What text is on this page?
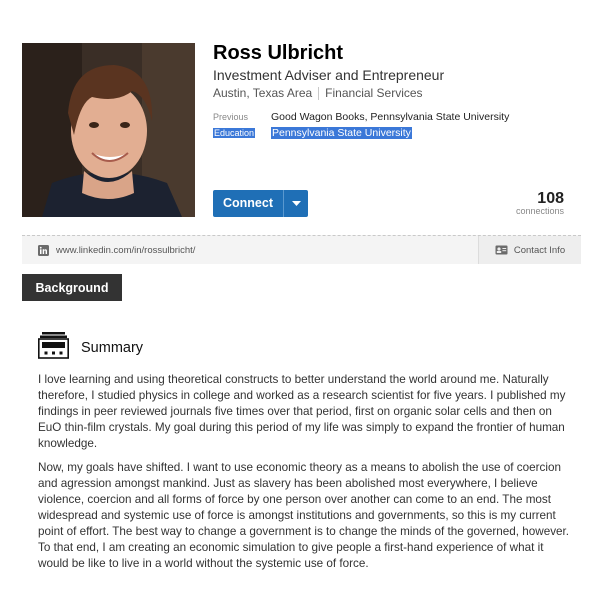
Ross Ulbricht
Investment Adviser and Entrepreneur
Austin, Texas Area Financial Services
Previous	Good Wagon Books, Pennsylvania State University
Education	Pennsylvania State University
Connect	108
connections
www.linkedin.com/in/rossulbricht/	Contact Info
Background
Summary

I love learning and using theoretical constructs to better understand the world around me. Naturally therefore, I studied physics in college and worked as a research scientist for five years. I published my findings in peer reviewed journals five times over that period, first on organic solar cells and then on EuO thin-film crystals. My goal during this period of my life was simply to expand the frontier of human knowledge.

Now, my goals have shifted. I want to use economic theory as a means to abolish the use of coercion and agression amongst mankind. Just as slavery has been abolished most everywhere, I believe violence, coercion and all forms of force by one person over another can come to an end. The most widespread and systemic use of force is amongst institutions and governments, so this is my current point of effort. The best way to change a government is to change the minds of the governed, however. To that end, I am creating an economic simulation to give people a first-hand experience of what it would be like to live in a world without the systemic use of force.
